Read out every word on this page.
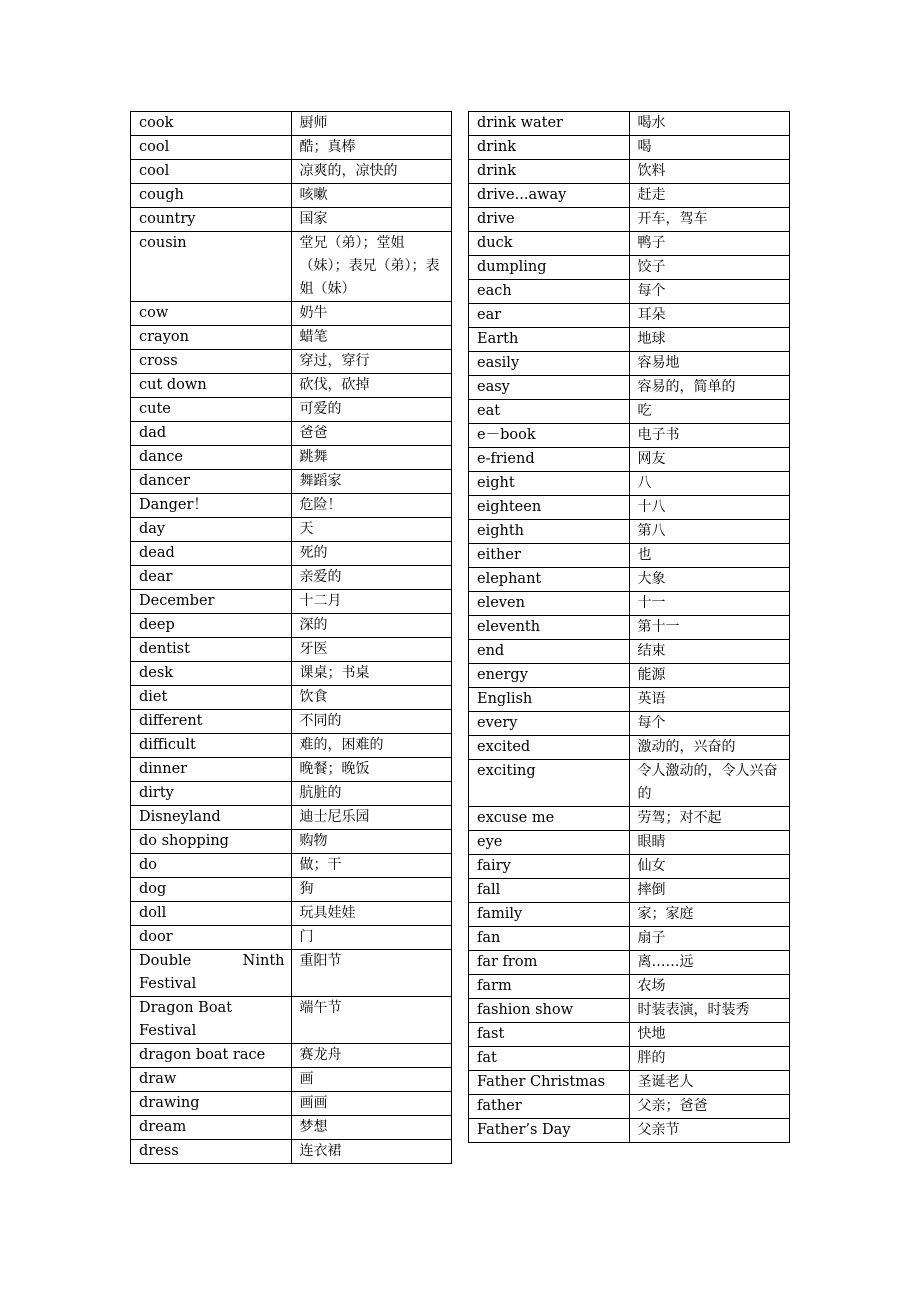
cook	厨师
cool	酷；真棒
cool	凉爽的，凉快的
cough	咳嗽
country	国家
cousin	堂兄（弟）；堂姐（妹）；表兄（弟）；表姐（妹）
cow	奶牛
crayon	蜡笔
cross	穿过，穿行
cut down	砍伐，砍掉
cute	可爱的
dad	爸爸
dance	跳舞
dancer	舞蹈家
Danger！	危险！
day	天
dead	死的
dear	亲爱的
December	十二月
deep	深的
dentist	牙医
desk	课桌；书桌
diet	饮食
different	不同的
difficult	难的，困难的
dinner	晚餐；晚饭
dirty	肮脏的
Disneyland	迪士尼乐园
do shopping	购物
do	做；干
dog	狗
doll	玩具娃娃
door	门
Double Ninth Festival	重阳节
Dragon Boat Festival	端午节
dragon boat race	赛龙舟
draw	画
drawing	画画
dream	梦想
dress	连衣裙
drink water	喝水
drink	喝
drink	饮料
drive...away	赶走
drive	开车，驾车
duck	鸭子
dumpling	饺子
each	每个
ear	耳朵
Earth	地球
easily	容易地
easy	容易的，简单的
eat	吃
e－book	电子书
e-friend	网友
eight	八
eighteen	十八
eighth	第八
either	也
elephant	大象
eleven	十一
eleventh	第十一
end	结束
energy	能源
English	英语
every	每个
excited	激动的，兴奋的
exciting	令人激动的，令人兴奋的
excuse me	劳驾；对不起
eye	眼睛
fairy	仙女
fall	摔倒
family	家；家庭
fan	扇子
far from	离……远
farm	农场
fashion show	时装表演，时装秀
fast	快地
fat	胖的
Father Christmas	圣诞老人
father	父亲；爸爸
Father’s Day	父亲节
